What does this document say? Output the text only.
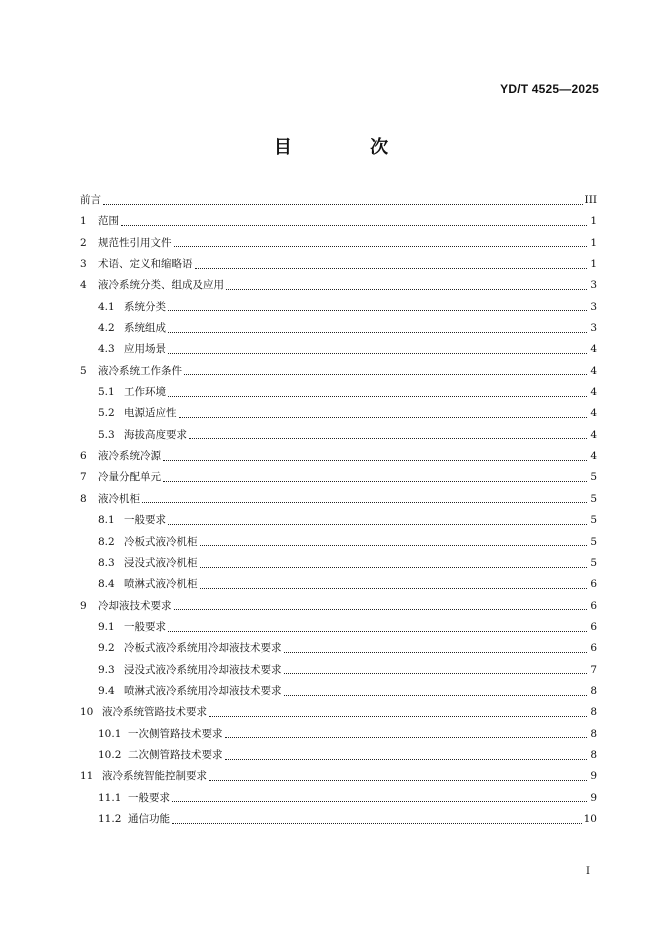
YD/T 4525—2025
目 次
前言	III
1	范围	1
2	规范性引用文件	1
3	术语、定义和缩略语	1
4	液冷系统分类、组成及应用	3
4.1 系统分类	3
4.2 系统组成	3
4.3 应用场景	4
5	液冷系统工作条件	4
5.1 工作环境	4
5.2 电源适应性	4
5.3 海拔高度要求	4
6	液冷系统冷源	4
7	冷量分配单元	5
8	液冷机柜	5
8.1 一般要求	5
8.2 冷板式液冷机柜	5
8.3 浸没式液冷机柜	5
8.4 喷淋式液冷机柜	6
9	冷却液技术要求	6
9.1 一般要求	6
9.2 冷板式液冷系统用冷却液技术要求	6
9.3 浸没式液冷系统用冷却液技术要求	7
9.4 喷淋式液冷系统用冷却液技术要求	8
10 液冷系统管路技术要求	8
10.1 一次侧管路技术要求	8
10.2 二次侧管路技术要求	8
11 液冷系统智能控制要求	9
11.1 一般要求	9
11.2 通信功能	10
I
